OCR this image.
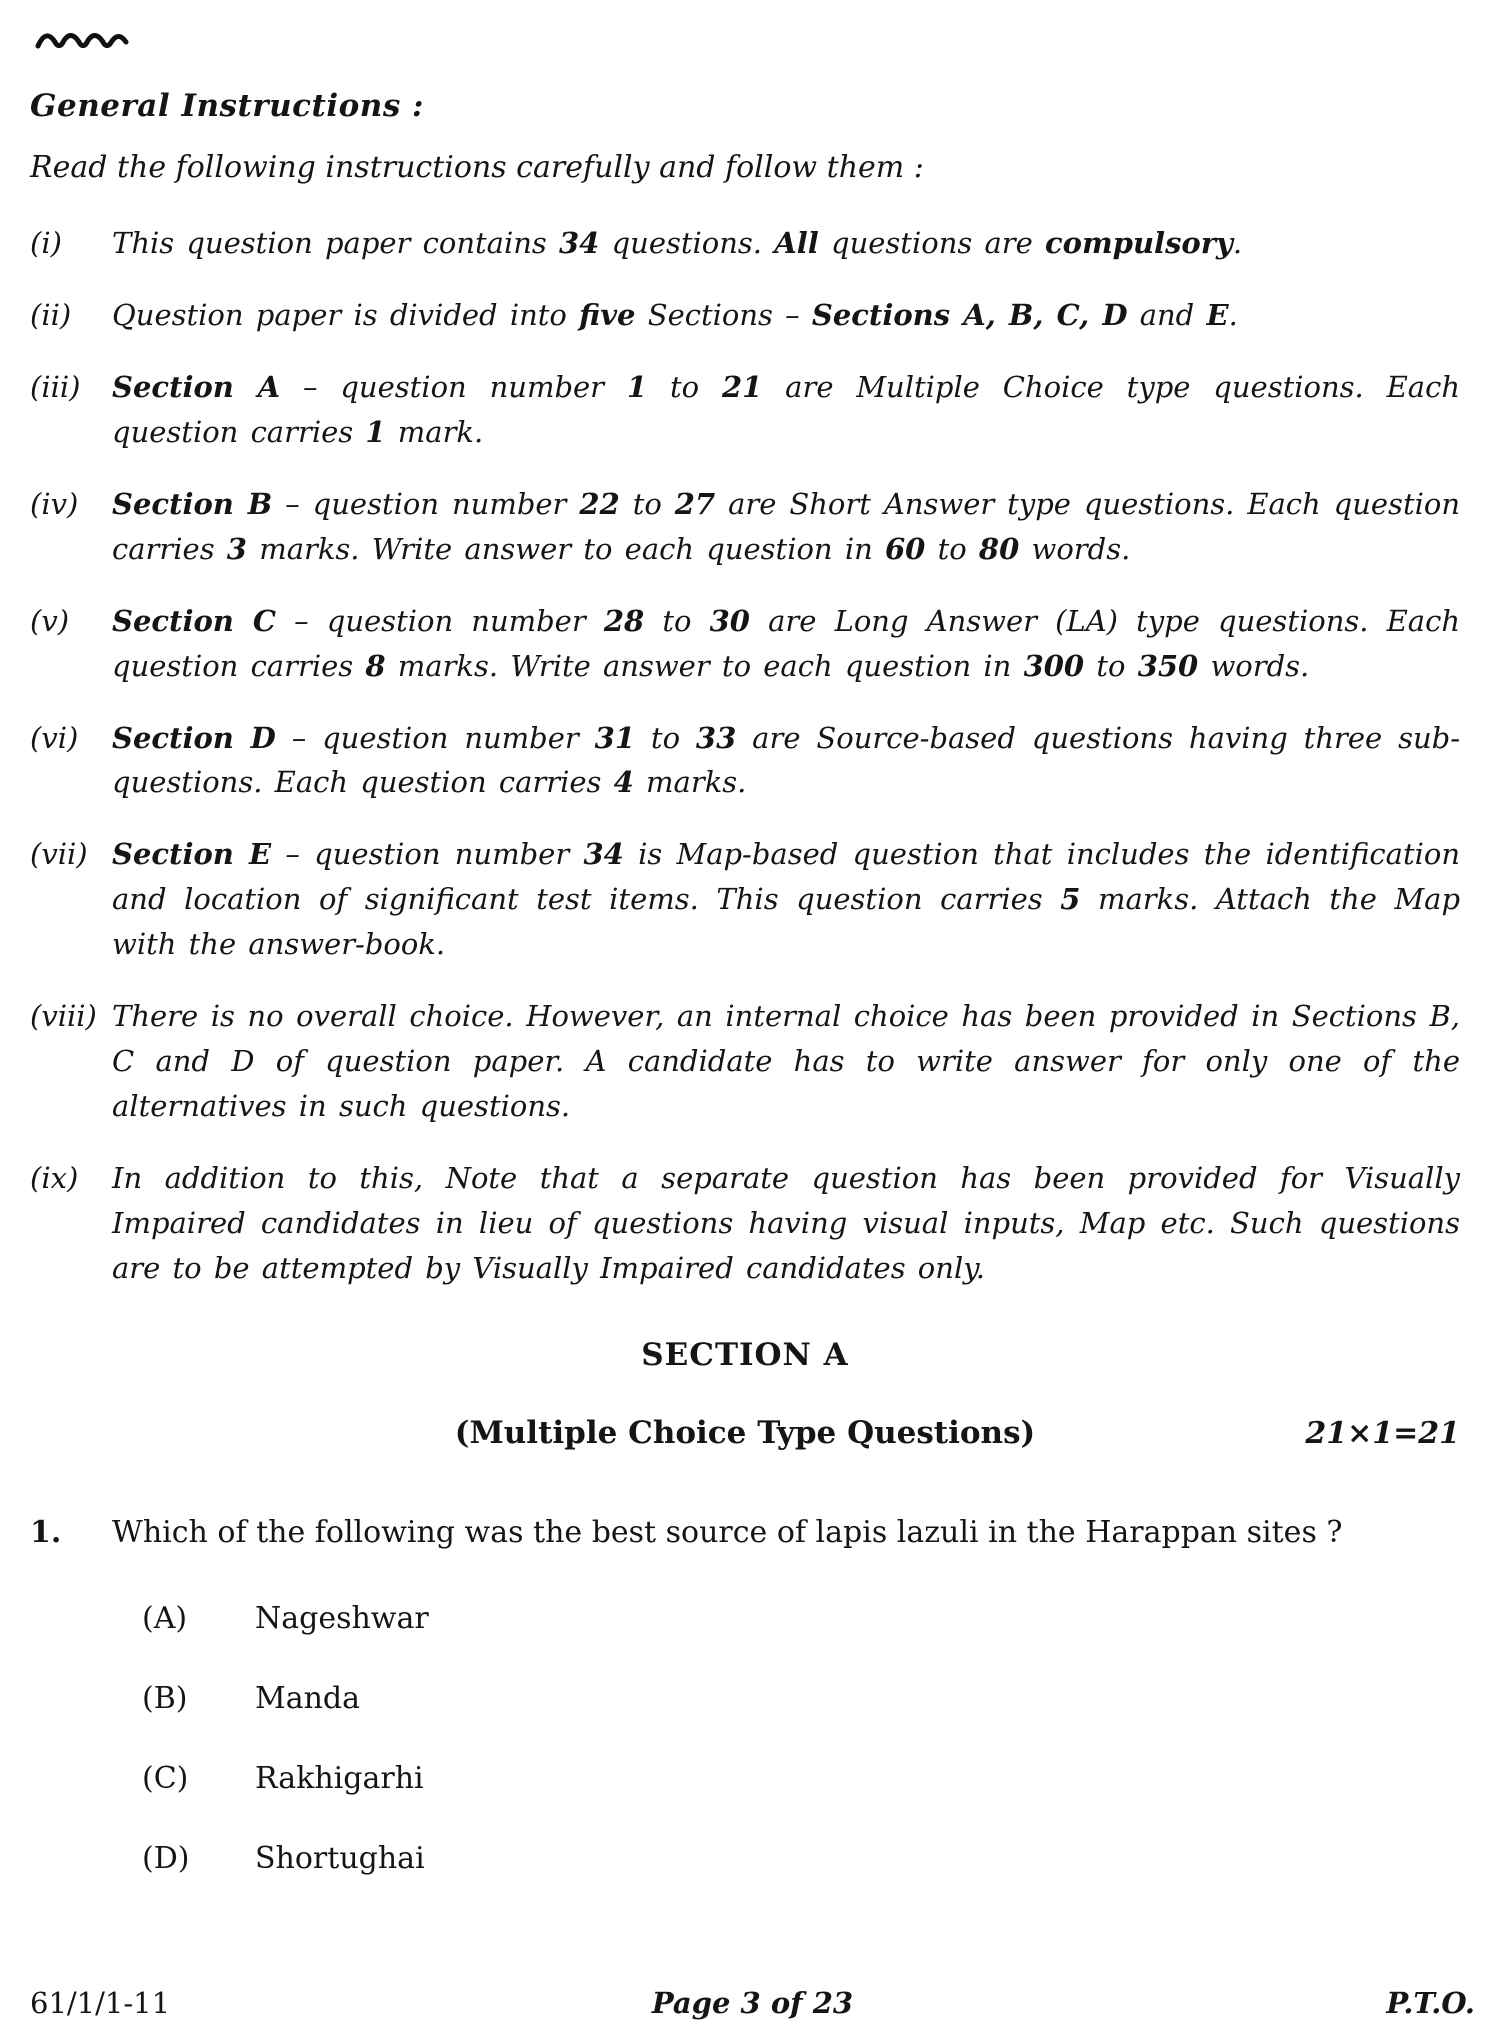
General Instructions :
Read the following instructions carefully and follow them :
(i)	This question paper contains 34 questions. All questions are compulsory.
(ii)	Question paper is divided into five Sections – Sections A, B, C, D and E.
(iii)	Section A – question number 1 to 21 are Multiple Choice type questions. Each question carries 1 mark.
(iv)	Section B – question number 22 to 27 are Short Answer type questions. Each question carries 3 marks. Write answer to each question in 60 to 80 words.
(v)	Section C – question number 28 to 30 are Long Answer (LA) type questions. Each question carries 8 marks. Write answer to each question in 300 to 350 words.
(vi)	Section D – question number 31 to 33 are Source-based questions having three sub-questions. Each question carries 4 marks.
(vii) Section E – question number 34 is Map-based question that includes the identification and location of significant test items. This question carries 5 marks. Attach the Map with the answer-book.
(viii) There is no overall choice. However, an internal choice has been provided in Sections B, C and D of question paper. A candidate has to write answer for only one of the alternatives in such questions.
(ix)	In addition to this, Note that a separate question has been provided for Visually Impaired candidates in lieu of questions having visual inputs, Map etc. Such questions are to be attempted by Visually Impaired candidates only.
SECTION A
(Multiple Choice Type Questions)	21×1=21
1.	Which of the following was the best source of lapis lazuli in the Harappan sites ?
(A)	Nageshwar
(B)	Manda
(C)	Rakhigarhi
(D)	Shortughai
61/1/1-11	Page 3 of 23	P.T.O.
